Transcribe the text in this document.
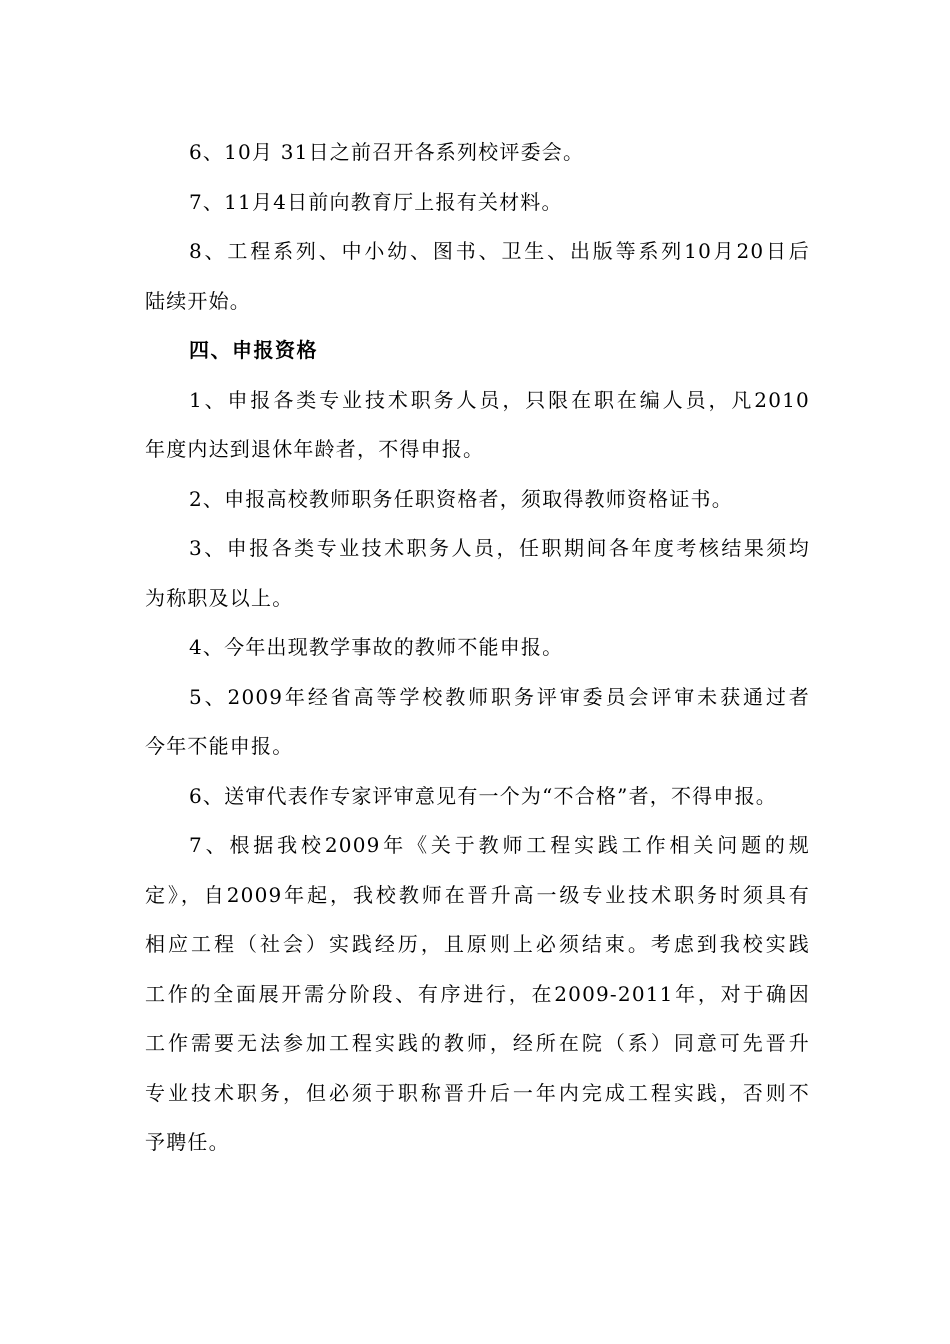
6、10月 31日之前召开各系列校评委会。
7、11月4日前向教育厅上报有关材料。
8、工程系列、中小幼、图书、卫生、出版等系列10月20日后
陆续开始。
四、申报资格
1、申报各类专业技术职务人员，只限在职在编人员，凡2010
年度内达到退休年龄者，不得申报。
2、申报高校教师职务任职资格者，须取得教师资格证书。
3、申报各类专业技术职务人员，任职期间各年度考核结果须均
为称职及以上。
4、今年出现教学事故的教师不能申报。
5、2009年经省高等学校教师职务评审委员会评审未获通过者
今年不能申报。
6、送审代表作专家评审意见有一个为“不合格”者，不得申报。
7、根据我校2009年《关于教师工程实践工作相关问题的规
定》，自2009年起，我校教师在晋升高一级专业技术职务时须具有
相应工程（社会）实践经历，且原则上必须结束。考虑到我校实践
工作的全面展开需分阶段、有序进行，在2009-2011年，对于确因
工作需要无法参加工程实践的教师，经所在院（系）同意可先晋升
专业技术职务，但必须于职称晋升后一年内完成工程实践，否则不
予聘任。
